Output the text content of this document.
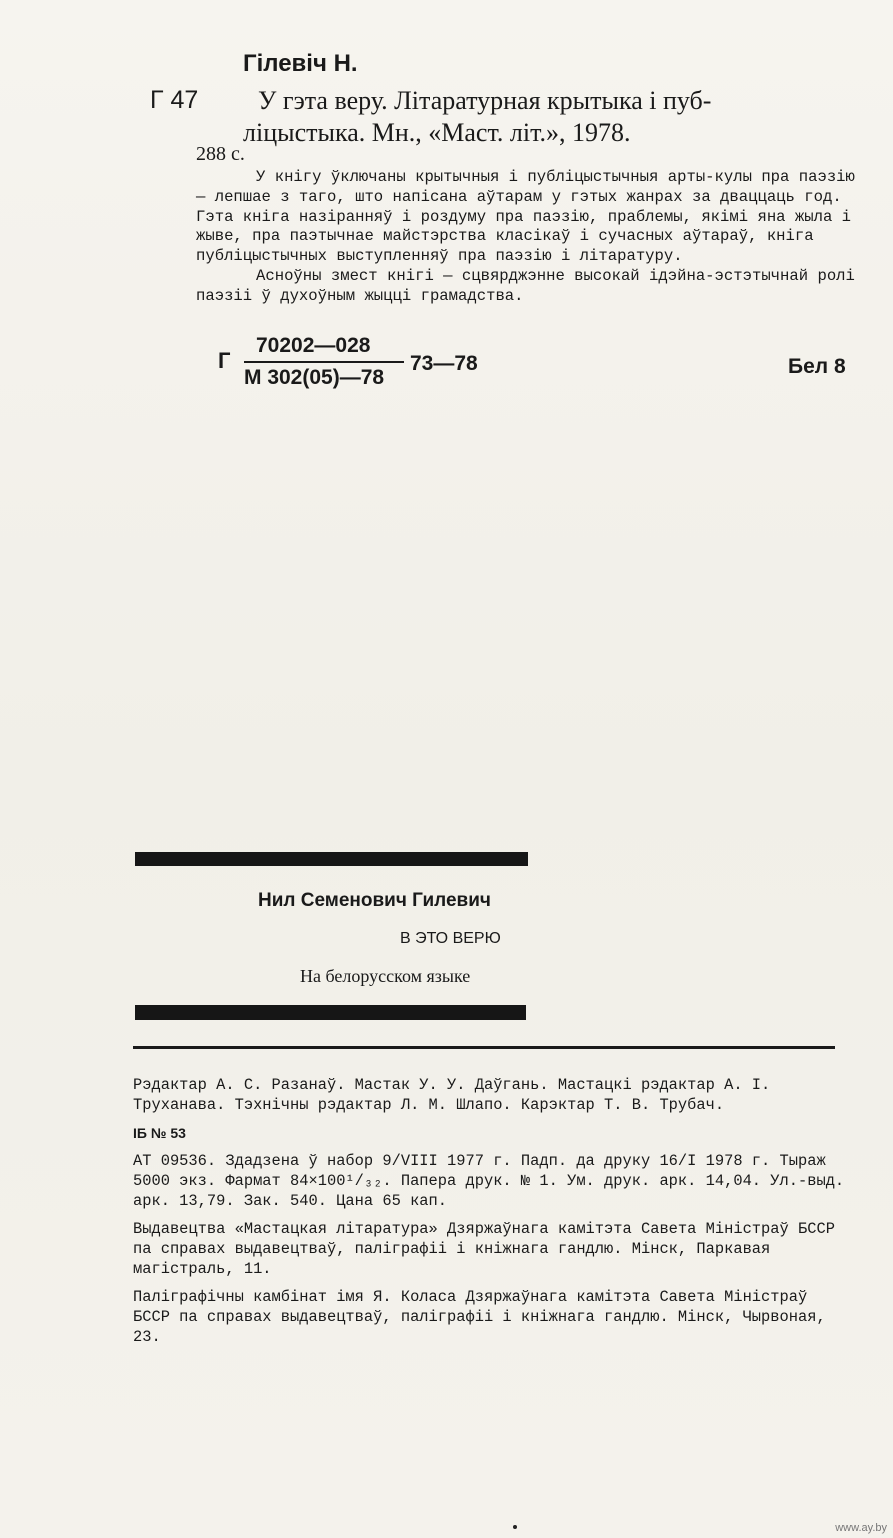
Гілевіч Н.
Г 47 У гэта веру. Літаратурная крытыка і пуб-
ліцыстыка. Мн., «Маст. літ.», 1978.
288 с.

У кнігу ўключаны крытычныя і публіцыстычныя арты-кулы пра паэзію — лепшае з таго, што напісана аўтарам у гэтых жанрах за дваццаць год. Гэта кніга назіранняў і роздуму пра паэзію, праблемы, якімі яна жыла і жыве, пра паэтычнае майстэрства класікаў і сучасных аўтараў, кніга публіцыстычных выступленняў пра паэзію і літаратуру.

Асноўны змест кнігі — сцвярджэнне высокай ідэйна-эстэтычнай ролі паэзіі ў духоўным жыцці грамадства.

Г
70202—028
М 302(05)—78
73—78	Бел 8
Нил Семенович Гилевич
В ЭТО ВЕРЮ
На белорусском языке

Рэдактар А. С. Разанаў. Мастак У. У. Даўгань. Мастацкі рэдактар А. І. Труханава. Тэхнічны рэдактар Л. М. Шлапо. Карэктар Т. В. Трубач.

ІБ № 53

АТ 09536. Здадзена ў набор 9/VIII 1977 г. Падп. да друку 16/I 1978 г. Тыраж 5000 экз. Фармат 84×100¹/₃₂. Папера друк. № 1. Ум. друк. арк. 14,04. Ул.-выд. арк. 13,79. Зак. 540. Цана 65 кап.

Выдавецтва «Мастацкая літаратура» Дзяржаўнага камітэта Савета Міністраў БССР па справах выдавецтваў, паліграфіі і кніжнага гандлю. Мінск, Паркавая магістраль, 11.

Паліграфічны камбінат імя Я. Коласа Дзяржаўнага камітэта Савета Міністраў БССР па справах выдавецтваў, паліграфіі і кніжнага гандлю. Мінск, Чырвоная, 23.

www.ay.by
